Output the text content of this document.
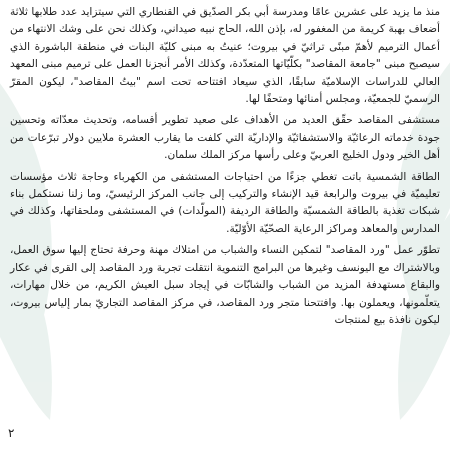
منذ ما يزيد على عشرين عامًا ومدرسة أبي بكر الصدّيق في القنطاري التي سيتزايد عدد طلابها ثلاثة أضعاف بهبة كريمة من المغفور له، بإذن الله، الحاج نبيه صيداني، وكذلك نحن على وشك الانتهاء من أعمال الترميم لأهمّ مبنًى تراثيّ في بيروت؛ عنيتُ به مبنى كليّة البنات في منطقة الباشورة الذي سيصبح مبنى "جامعة المقاصد" بكلّيّاتها المتعدّدة، وكذلك الأمر أنجزنا العمل على ترميم مبنى المعهد العالي للدراسات الإسلاميّة سابقًا، الذي سيعاد افتتاحه تحت اسم "بيتُ المقاصد"، ليكون المقرّ الرسميّ للجمعيّة، ومجلس أمنائها ومتحفًا لها.

مستشفى المقاصد حقّق العديد من الأهداف على صعيد تطوير أقسامه، وتحديث معدّاته وتحسين جودة خدماته الرعائيّة والاستشفائيّة والإداريّة التي كلفت ما يقارب العشرة ملايين دولار تبرّعات من أهل الخير ودول الخليج العربيّ وعلى رأسها مركز الملك سلمان.

الطاقة الشمسية باتت تغطي جزءًا من احتياجات المستشفى من الكهرباء وحاجة ثلاث مؤسسات تعليميّة في بيروت والرابعة قيد الإنشاء والتركيب إلى جانب المركز الرئيسيّ، وما زلنا نستكمل بناء شبكات تغذية بالطاقة الشمسيّة والطاقة الرديفة (المولّدات) في المستشفى وملحقاتها، وكذلك في المدارس والمعاهد ومراكز الرعاية الصحّيّة الأوّليّة.

تطوّر عمل "ورد المقاصد" لتمكين النساء والشباب من امتلاك مهنة وحرفة تحتاج إليها سوق العمل، وبالاشتراك مع اليونسف وغيرها من البرامج التنموية انتقلت تجربة ورد المقاصد إلى القرى في عكار والبقاع مستهدفة المزيد من الشباب والشابّات في إيجاد سبل العيش الكريم، من خلال مهارات، يتعلّمونها، ويعملون بها. وافتتحنا متجر ورد المقاصد، في مركز المقاصد التجاريّ بمار إلياس بيروت، ليكون نافذة بيع لمنتجات

٢
